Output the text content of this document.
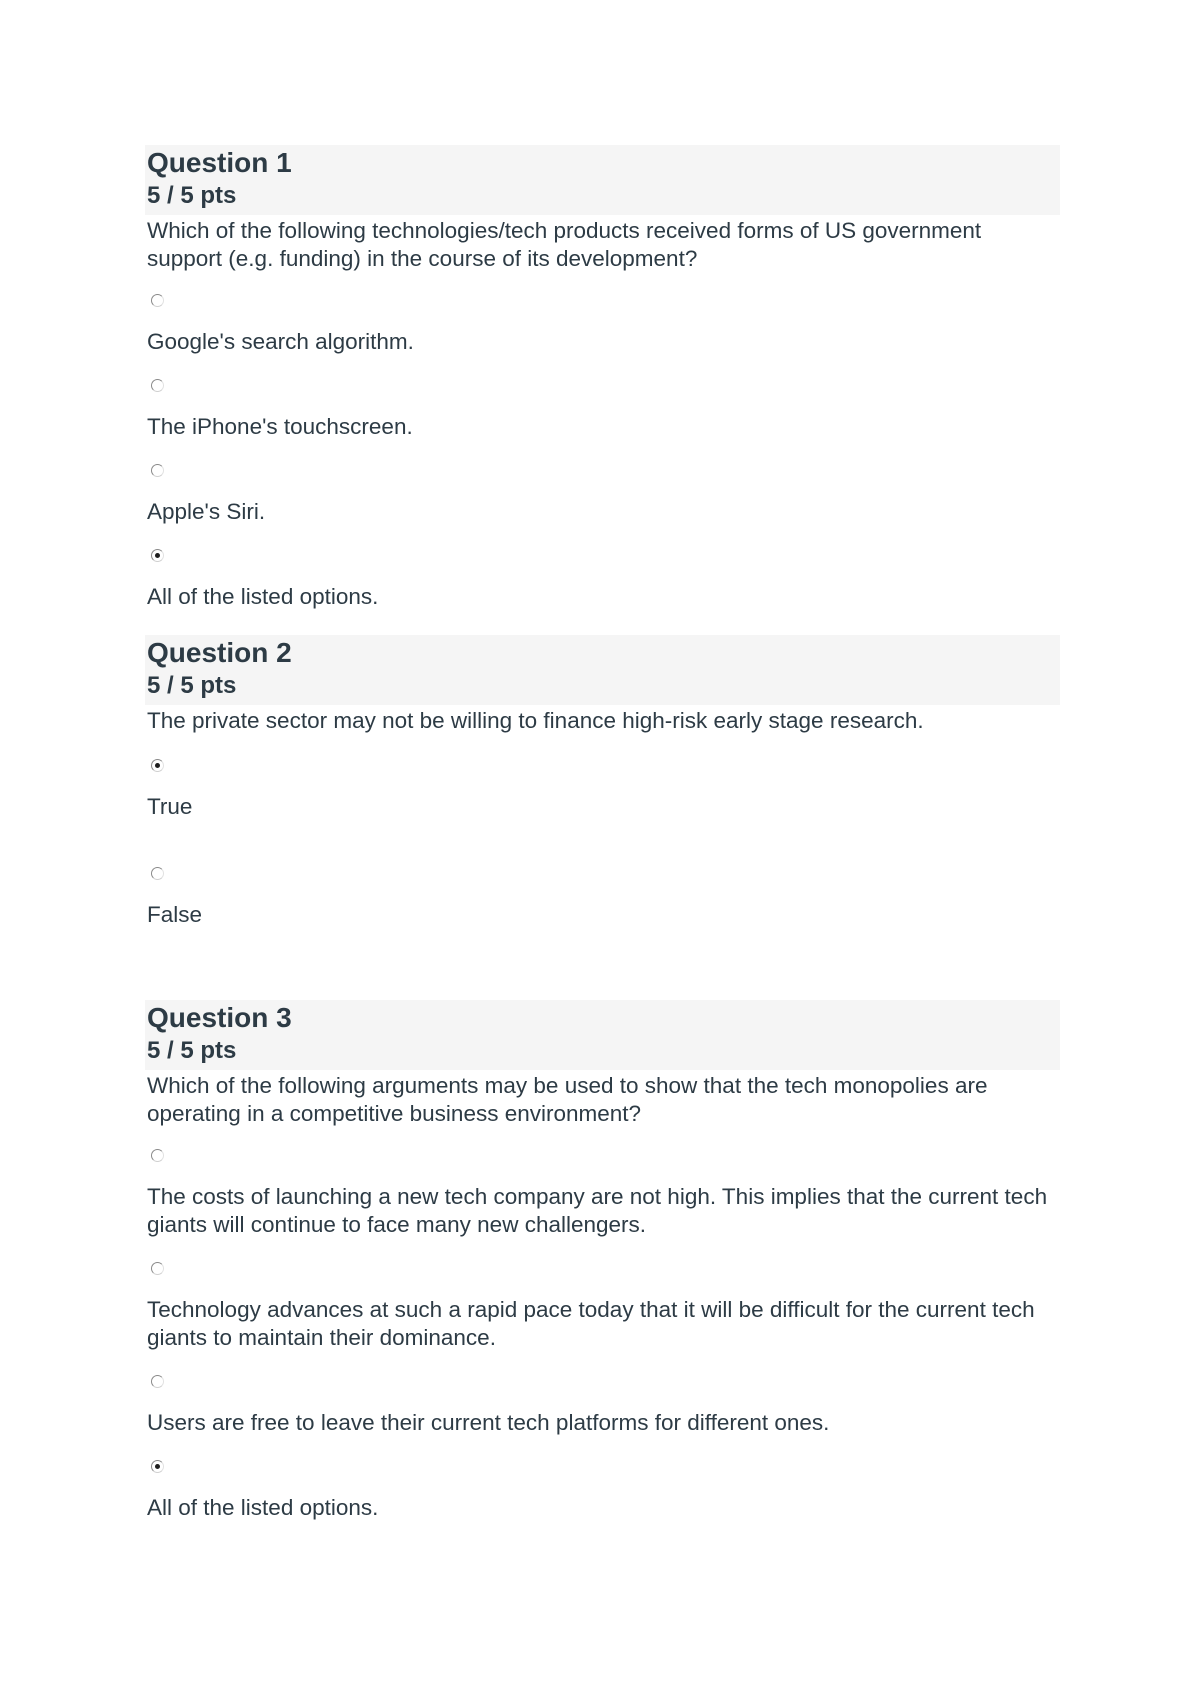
Question 1
5 / 5 pts
Which of the following technologies/tech products received forms of US government support (e.g. funding) in the course of its development?
Google's search algorithm.
The iPhone's touchscreen.
Apple's Siri.
All of the listed options.
Question 2
5 / 5 pts
The private sector may not be willing to finance high-risk early stage research.
True
False
Question 3
5 / 5 pts
Which of the following arguments may be used to show that the tech monopolies are operating in a competitive business environment?
The costs of launching a new tech company are not high. This implies that the current tech giants will continue to face many new challengers.
Technology advances at such a rapid pace today that it will be difficult for the current tech giants to maintain their dominance.
Users are free to leave their current tech platforms for different ones.
All of the listed options.
